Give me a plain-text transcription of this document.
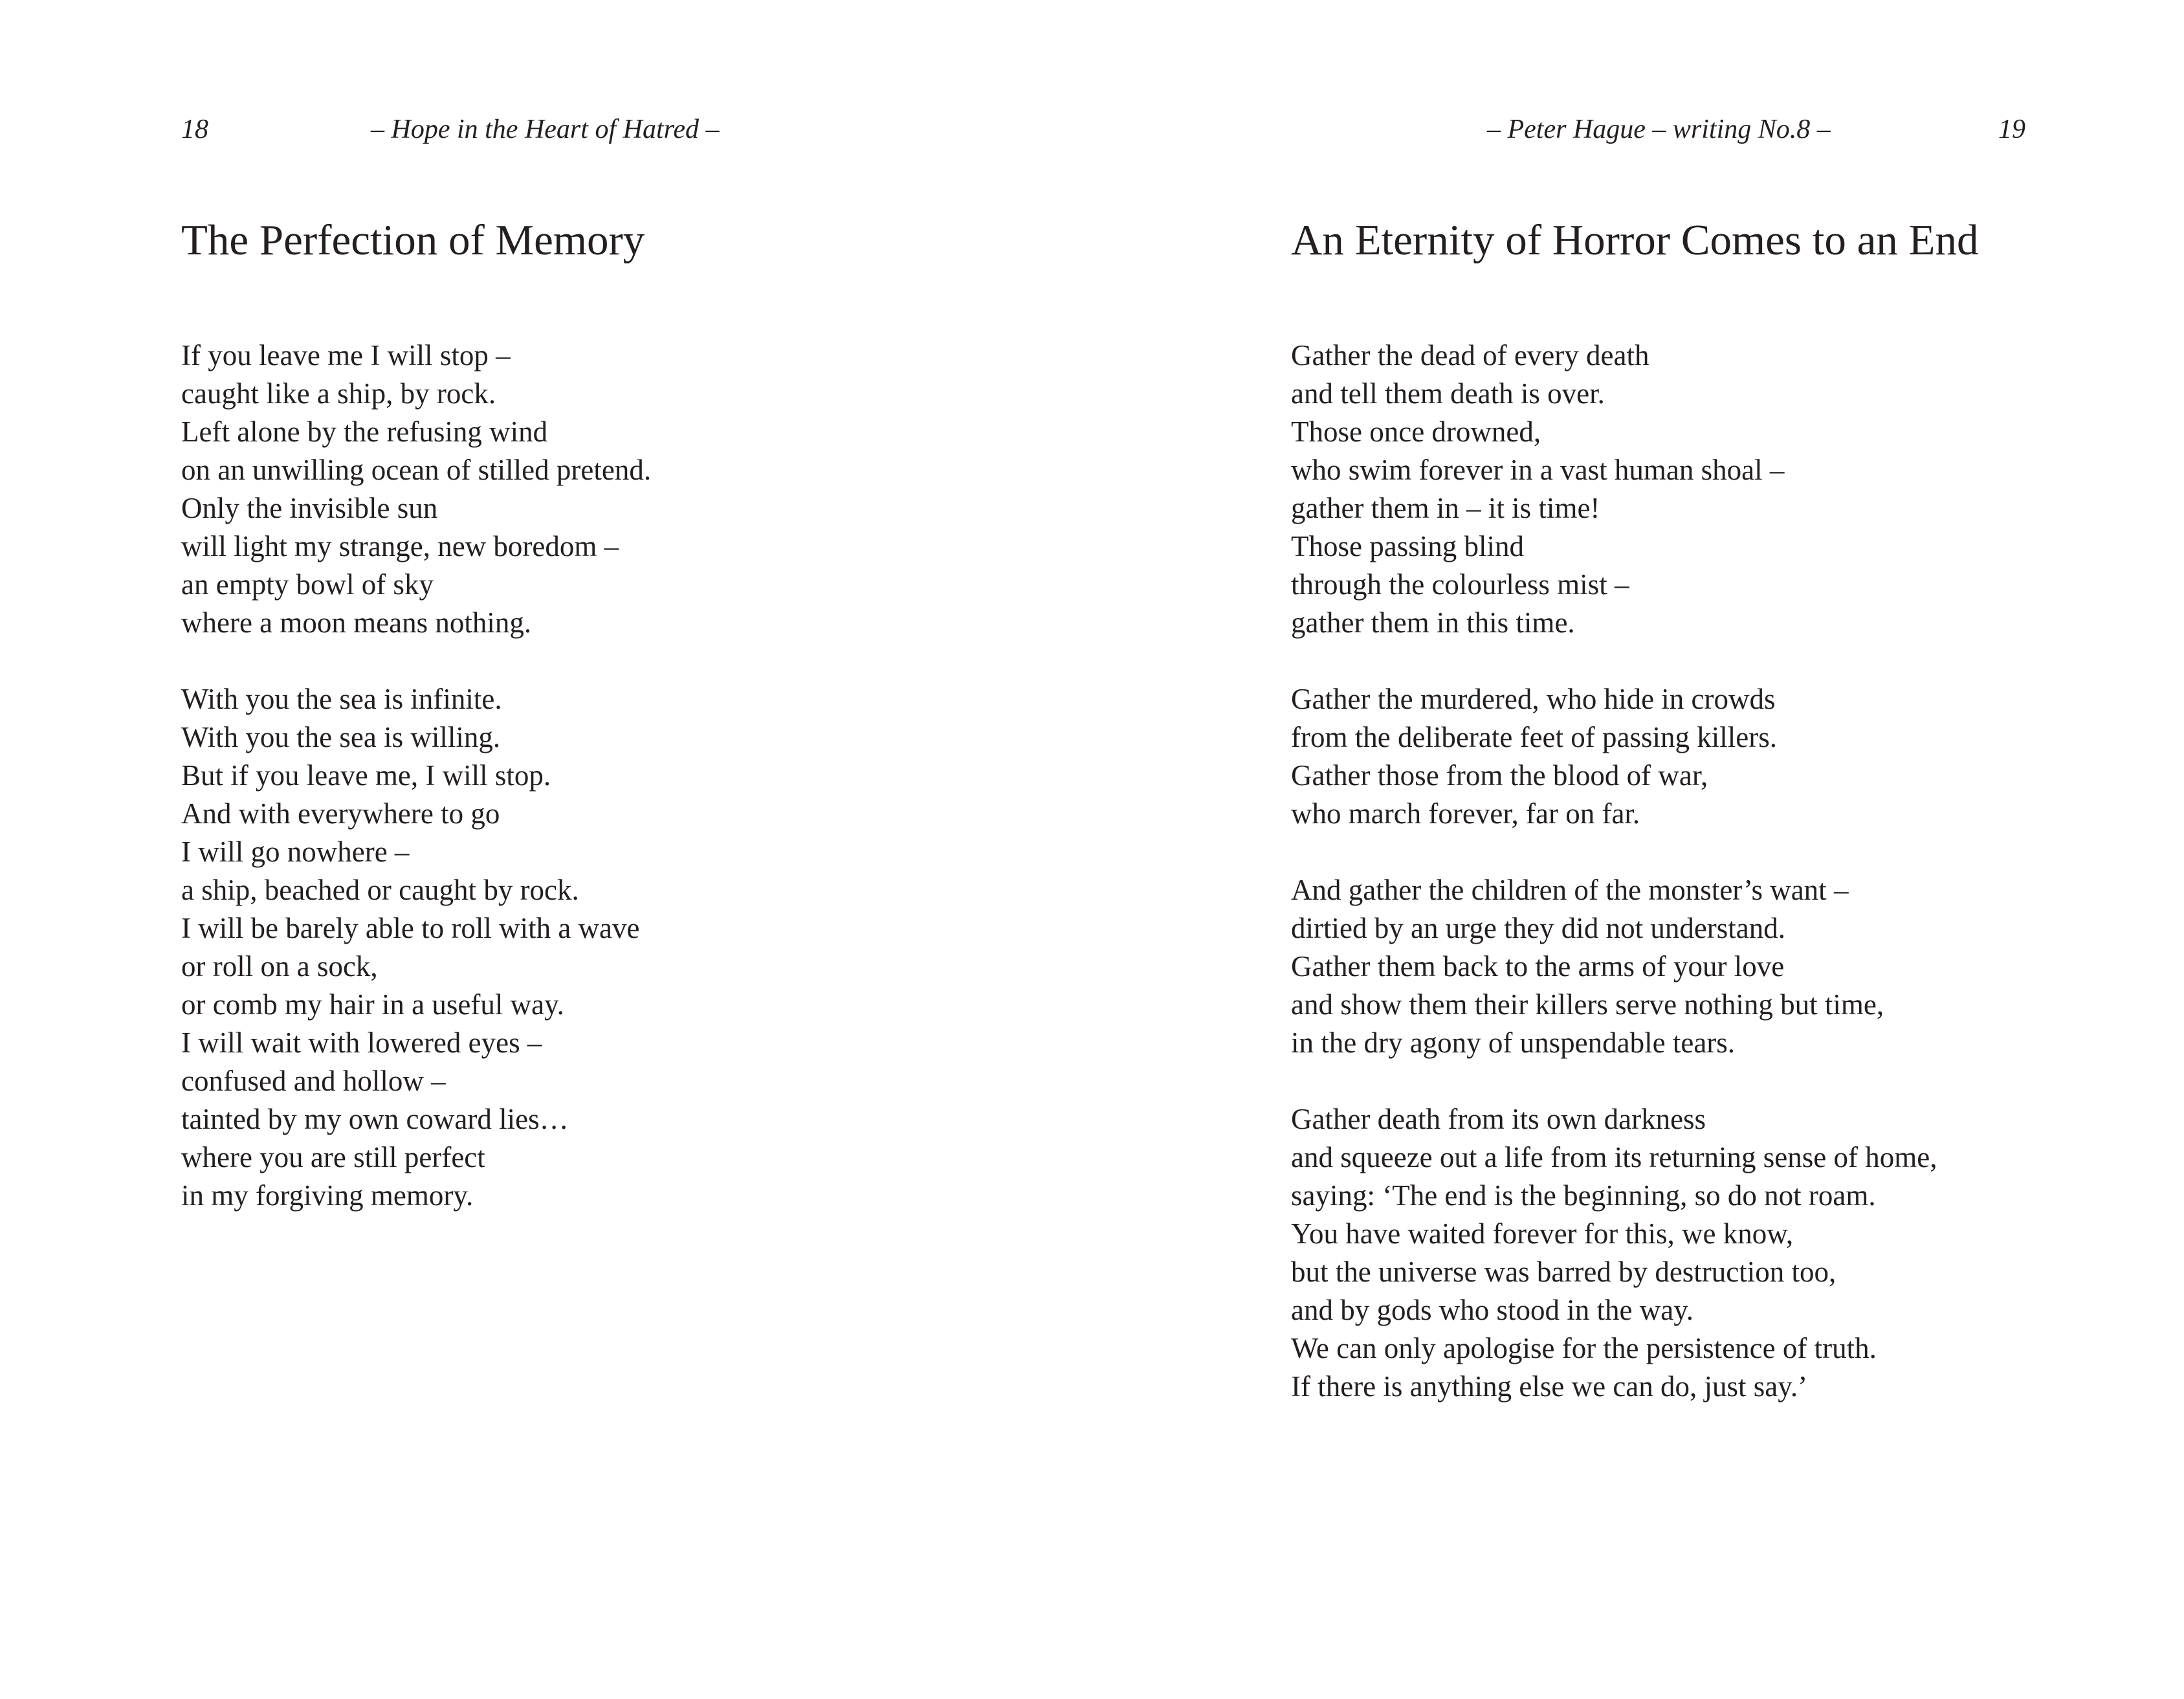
18	– Hope in the Heart of Hatred –
The Perfection of Memory

If you leave me I will stop –
caught like a ship, by rock.
Left alone by the refusing wind
on an unwilling ocean of stilled pretend.
Only the invisible sun
will light my strange, new boredom –
an empty bowl of sky
where a moon means nothing.

With you the sea is infinite.
With you the sea is willing.
But if you leave me, I will stop.
And with everywhere to go
I will go nowhere –
a ship, beached or caught by rock.
I will be barely able to roll with a wave
or roll on a sock,
or comb my hair in a useful way.
I will wait with lowered eyes –
confused and hollow –
tainted by my own coward lies…
where you are still perfect
in my forgiving memory.

– Peter Hague – writing No.8 –	19
An Eternity of Horror Comes to an End

Gather the dead of every death
and tell them death is over.
Those once drowned,
who swim forever in a vast human shoal –
gather them in – it is time!
Those passing blind
through the colourless mist –
gather them in this time.

Gather the murdered, who hide in crowds
from the deliberate feet of passing killers.
Gather those from the blood of war,
who march forever, far on far.

And gather the children of the monster’s want –
dirtied by an urge they did not understand.
Gather them back to the arms of your love
and show them their killers serve nothing but time,
in the dry agony of unspendable tears.

Gather death from its own darkness
and squeeze out a life from its returning sense of home,
saying: ‘The end is the beginning, so do not roam.
You have waited forever for this, we know,
but the universe was barred by destruction too,
and by gods who stood in the way.
We can only apologise for the persistence of truth.
If there is anything else we can do, just say.’
